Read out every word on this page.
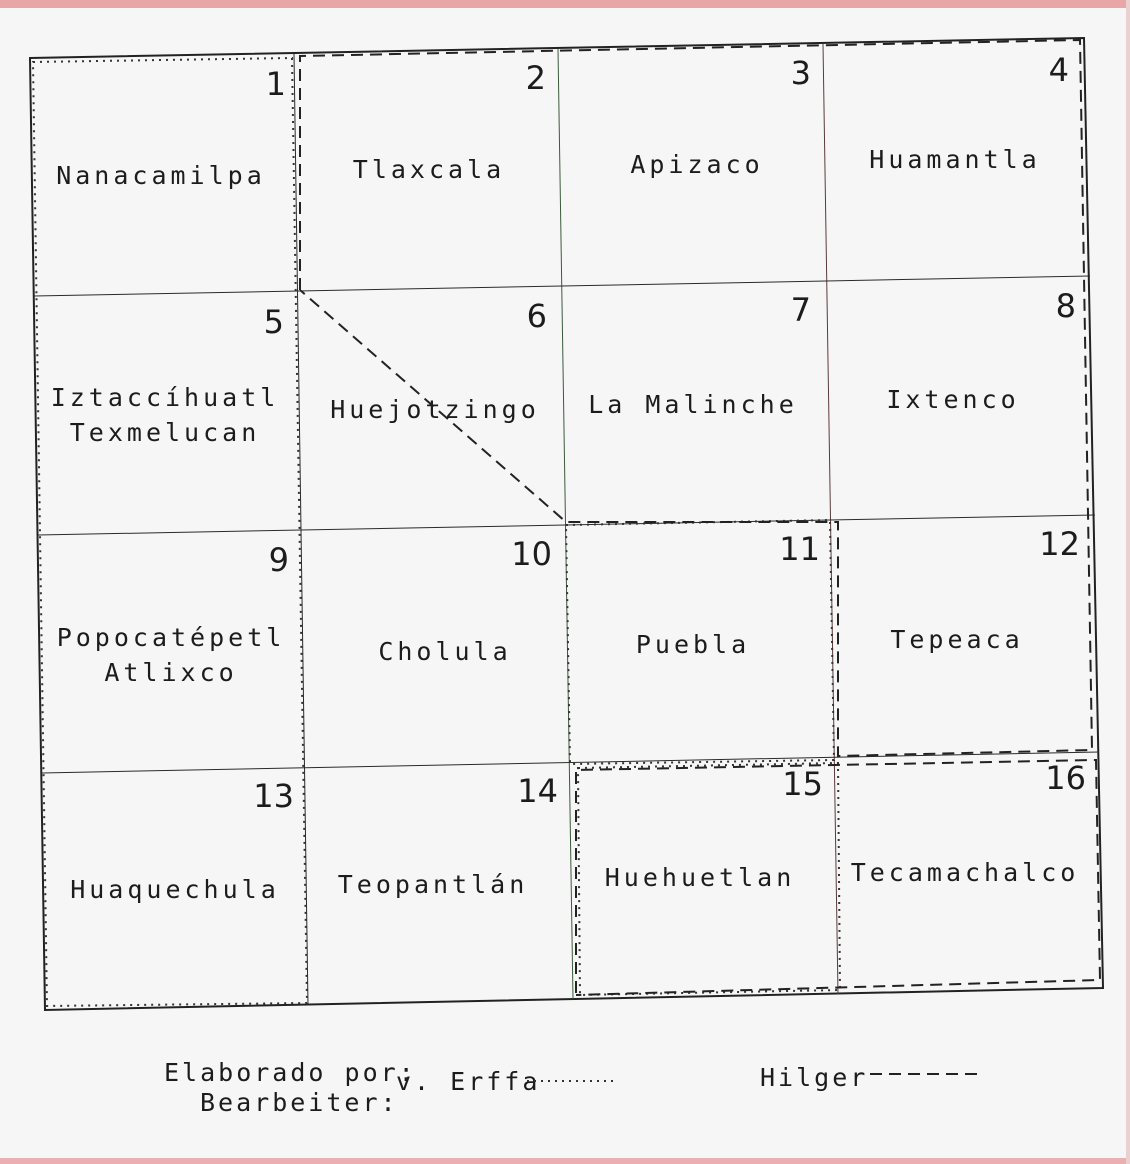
1
Nanacamilpa
2
Tlaxcala
3
Apizaco
4
Huamantla
5
Iztaccíhuatl
Texmelucan
6
Huejotzingo
7
La Malinche
8
Ixtenco
9
Popocatépetl
Atlixco
10
Cholula
11
Puebla
12
Tepeaca
13
Huaquechula
14
Teopantlán
15
Huehuetlan
16
Tecamachalco
Elaborado por:
Bearbeiter:
v. Erffa	Hilger
